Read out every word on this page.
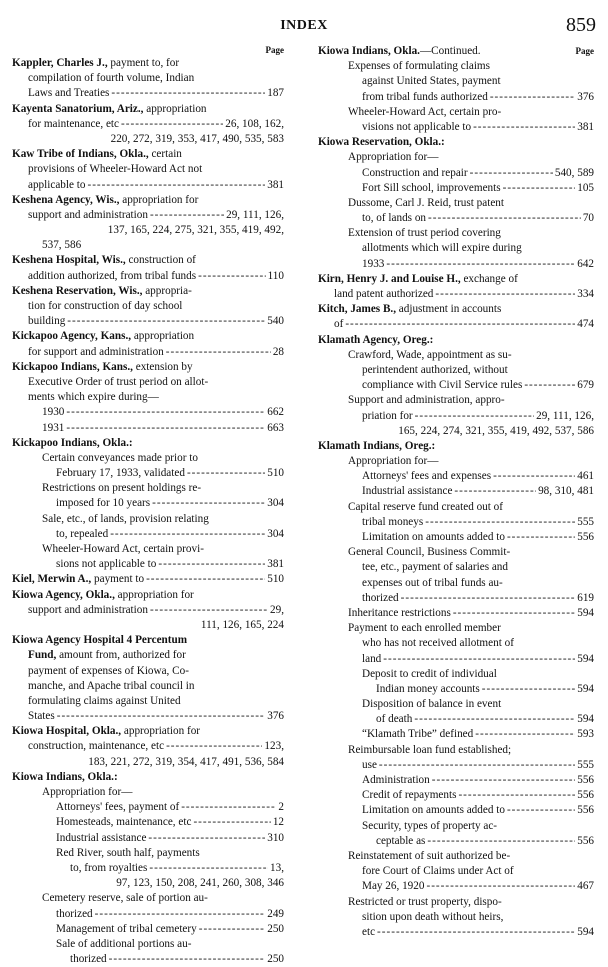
INDEX	859
Page
Kappler, Charles J., payment to, for
compilation of fourth volume, Indian
Laws and Treaties -----	187
Kayenta Sanatorium, Ariz., appropriation
for maintenance, etc -----	26, 108, 162,
220, 272, 319, 353, 417, 490, 535, 583
Kaw Tribe of Indians, Okla., certain
provisions of Wheeler-Howard Act not
applicable to -----	381
Keshena Agency, Wis., appropriation for
support and administration -----	29, 111, 126,
137, 165, 224, 275, 321, 355, 419, 492,
537, 586
Keshena Hospital, Wis., construction of
addition authorized, from tribal funds -----	110
Keshena Reservation, Wis., appropria-
tion for construction of day school
building -----	540
Kickapoo Agency, Kans., appropriation
for support and administration -----	28
Kickapoo Indians, Kans., extension by
Executive Order of trust period on allot-
ments which expire during—
1930 -----	662
1931 -----	663
Kickapoo Indians, Okla.:
Certain conveyances made prior to
February 17, 1933, validated -----	510
Restrictions on present holdings re-
imposed for 10 years -----	304
Sale, etc., of lands, provision relating
to, repealed -----	304
Wheeler-Howard Act, certain provi-
sions not applicable to -----	381
Kiel, Merwin A., payment to -----	510
Kiowa Agency, Okla., appropriation for
support and administration -----	29,
111, 126, 165, 224
Kiowa Agency Hospital 4 Percentum
Fund, amount from, authorized for
payment of expenses of Kiowa, Co-
manche, and Apache tribal council in
formulating claims against United
States -----	376
Kiowa Hospital, Okla., appropriation for
construction, maintenance, etc -----	123,
183, 221, 272, 319, 354, 417, 491, 536, 584
Kiowa Indians, Okla.:
Appropriation for—
Attorneys' fees, payment of -----	2
Homesteads, maintenance, etc -----	12
Industrial assistance -----	310
Red River, south half, payments
to, from royalties -----	13,
97, 123, 150, 208, 241, 260, 308, 346
Cemetery reserve, sale of portion au-
thorized -----	249
Management of tribal cemetery -----	250
Sale of additional portions au-
thorized -----	250
Kiowa Indians, Okla.—Continued.	Page
Expenses of formulating claims
against United States, payment
from tribal funds authorized -----	376
Wheeler-Howard Act, certain pro-
visions not applicable to -----	381
Kiowa Reservation, Okla.:
Appropriation for—
Construction and repair -----	540, 589
Fort Sill school, improvements -----	105
Dussome, Carl J. Reid, trust patent
to, of lands on -----	70
Extension of trust period covering
allotments which will expire during
1933 -----	642
Kirn, Henry J. and Louise H., exchange of
land patent authorized -----	334
Kitch, James B., adjustment in accounts
of -----	474
Klamath Agency, Oreg.:
Crawford, Wade, appointment as su-
perintendent authorized, without
compliance with Civil Service rules -----	679
Support and administration, appro-
priation for -----	29, 111, 126,
165, 224, 274, 321, 355, 419, 492, 537, 586
Klamath Indians, Oreg.:
Appropriation for—
Attorneys' fees and expenses -----	461
Industrial assistance -----	98, 310, 481
Capital reserve fund created out of
tribal moneys -----	555
Limitation on amounts added to -----	556
General Council, Business Commit-
tee, etc., payment of salaries and
expenses out of tribal funds au-
thorized -----	619
Inheritance restrictions -----	594
Payment to each enrolled member
who has not received allotment of
land -----	594
Deposit to credit of individual
Indian money accounts -----	594
Disposition of balance in event
of death -----	594
“Klamath Tribe” defined -----	593
Reimbursable loan fund established;
use -----	555
Administration -----	556
Credit of repayments -----	556
Limitation on amounts added to -----	556
Security, types of property ac-
ceptable as -----	556
Reinstatement of suit authorized be-
fore Court of Claims under Act of
May 26, 1920 -----	467
Restricted or trust property, dispo-
sition upon death without heirs,
etc -----	594
